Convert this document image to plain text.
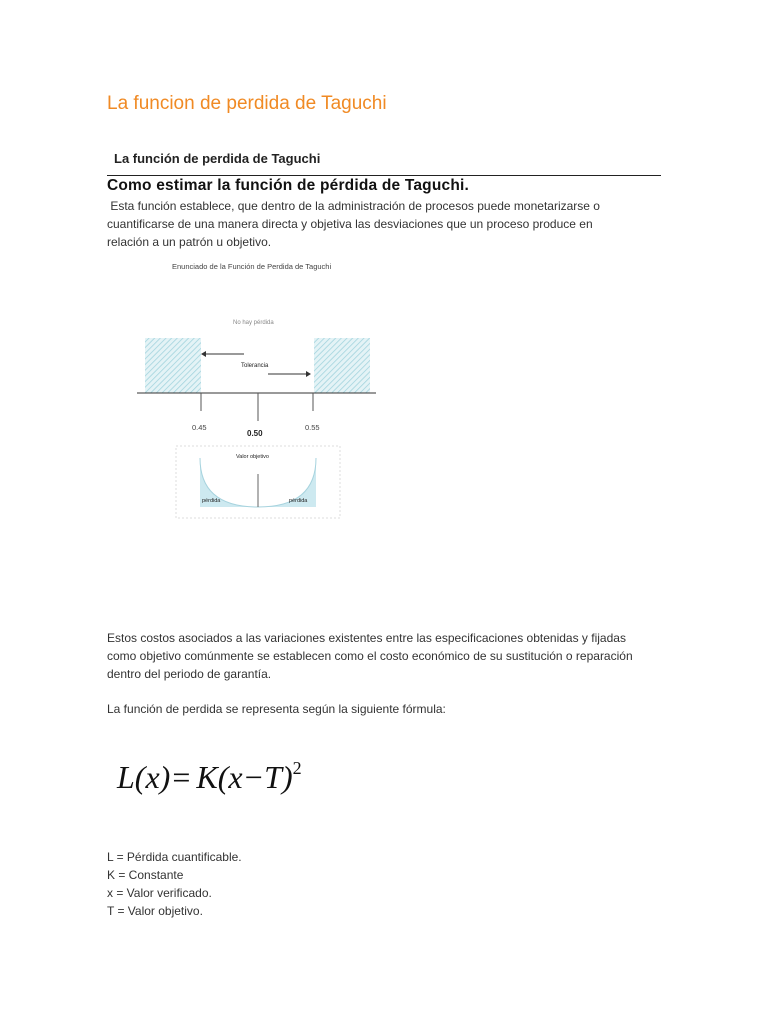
La funcion de perdida de Taguchi
La función de perdida de Taguchi
Como estimar la función de pérdida de Taguchi.
Esta función establece, que dentro de la administración de procesos puede monetarizarse o
cuantificarse de una manera directa y objetiva las desviaciones que un proceso produce en
relación a un patrón u objetivo.
Enunciado de la Función de Perdida de Taguchi
No hay pérdida
Tolerancia
0.45
0.50
0.55
Valor objetivo
pérdida	pérdida
Estos costos asociados a las variaciones existentes entre las especificaciones obtenidas y fijadas
como objetivo comúnmente se establecen como el costo económico de su sustitución o reparación
dentro del periodo de garantía.
La función de perdida se representa según la siguiente fórmula:
$L(x)= K(x-T)^2$
L = Pérdida cuantificable.
K = Constante
x = Valor verificado.
T = Valor objetivo.
